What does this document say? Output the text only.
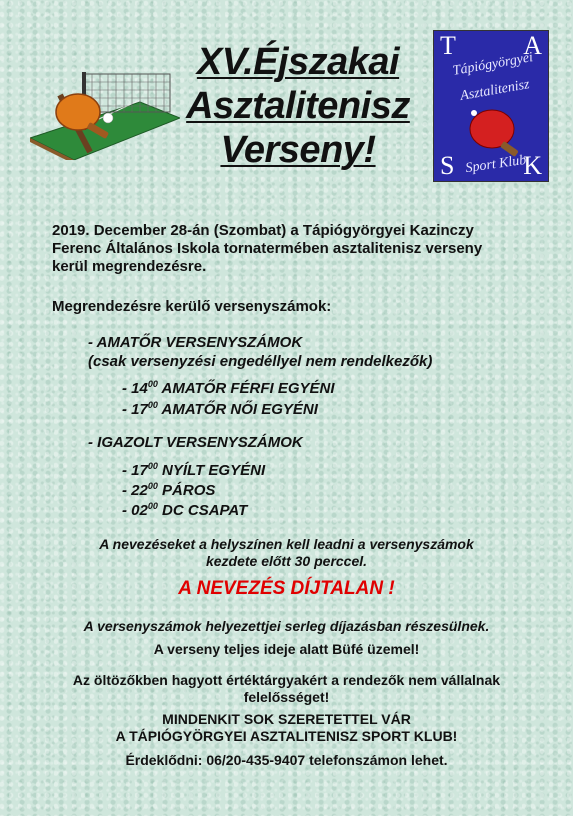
XV.Éjszakai
Asztalitenisz
Verseny!
T	A
Tápiógyörgyei
Asztalitenisz
Sport Klub
S	K
2019. December 28-án (Szombat) a Tápiógyörgyei Kazinczy
Ferenc Általános Iskola tornatermében asztalitenisz verseny
kerül megrendezésre.
Megrendezésre kerülő versenyszámok:
- AMATŐR VERSENYSZÁMOK
(csak versenyzési engedéllyel nem rendelkezők)
- $14^{00}$ AMATŐR FÉRFI EGYÉNI
- $17^{00}$ AMATŐR NŐI EGYÉNI
- IGAZOLT VERSENYSZÁMOK
- $17^{00}$ NYÍLT EGYÉNI
- $22^{00}$ PÁROS
- $02^{00}$ DC CSAPAT
A nevezéseket a helyszínen kell leadni a versenyszámok
kezdete előtt 30 perccel.
A NEVEZÉS DÍJTALAN !
A versenyszámok helyezettjei serleg díjazásban részesülnek.
A verseny teljes ideje alatt Büfé üzemel!
Az öltözőkben hagyott értéktárgyakért a rendezők nem vállalnak
felelősséget!
MINDENKIT SOK SZERETETTEL VÁR
A TÁPIÓGYÖRGYEI ASZTALITENISZ SPORT KLUB!
Érdeklődni: 06/20-435-9407 telefonszámon lehet.
